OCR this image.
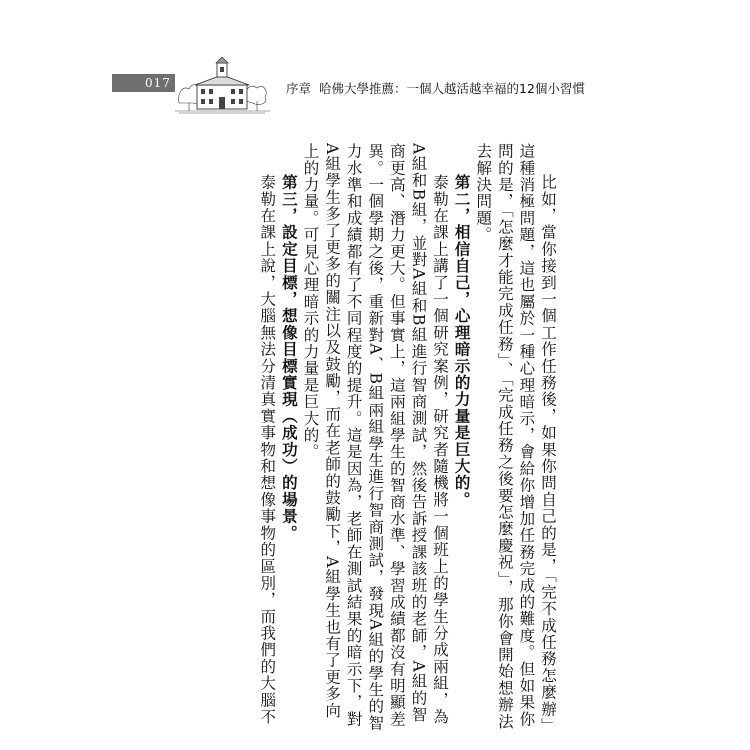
017	序章 哈佛大學推薦：一個人越活越幸福的12個小習慣

比如，當你接到一個工作任務後，如果你問自己的是，「完不成任務怎麼辦」這種消極問題，這也屬於一種心理暗示，會給你增加任務完成的難度。但如果你問的是，「怎麼才能完成任務」、「完成任務之後要怎麼慶祝」，那你會開始想辦法去解決問題。

第二，相信自己，心理暗示的力量是巨大的。

泰勒在課上講了一個研究案例，研究者隨機將一個班上的學生分成兩組，為A組和B組，並對A組和B組進行智商測試，然後告訴授課該班的老師，A組的智商更高、潛力更大。但事實上，這兩組學生的智商水準、學習成績都沒有明顯差異。一個學期之後，重新對A、B組兩組學生進行智商測試，發現A組的學生的智力水準和成績都有了不同程度的提升。這是因為，老師在測試結果的暗示下，對A組學生多了更多的關注以及鼓勵，而在老師的鼓勵下，A組學生也有了更多向上的力量。可見心理暗示的力量是巨大的。

第三，設定目標，想像目標實現（成功）的場景。

泰勒在課上說，大腦無法分清真實事物和想像事物的區別，而我們的大腦不
